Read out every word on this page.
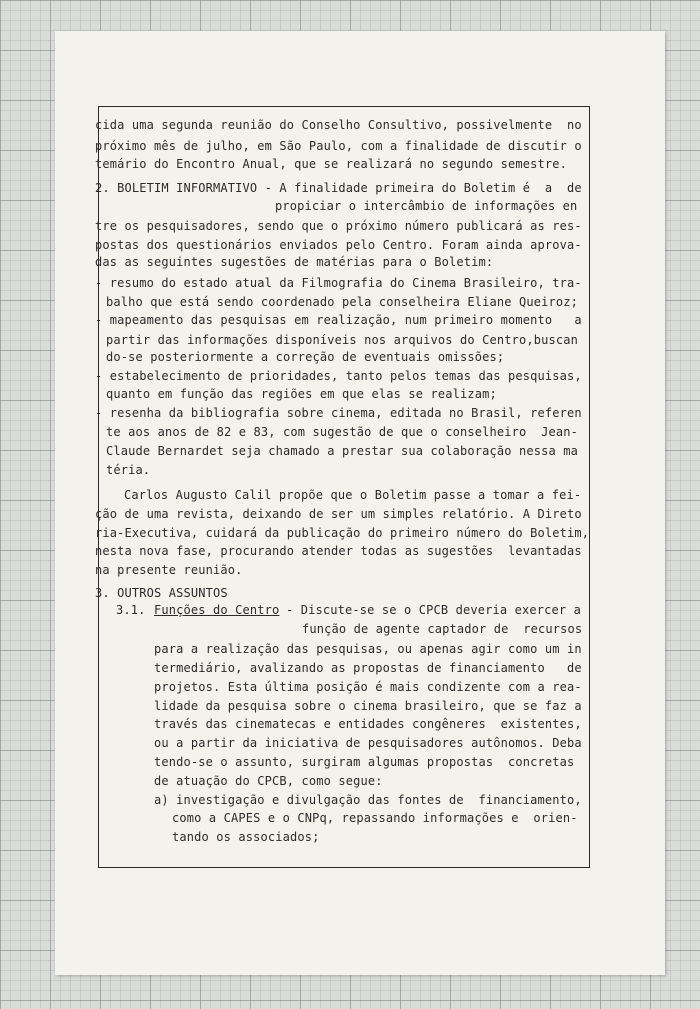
cida uma segunda reunião do Conselho Consultivo, possivelmente  no
próximo mês de julho, em São Paulo, com a finalidade de discutir o
temário do Encontro Anual, que se realizará no segundo semestre.
2. BOLETIM INFORMATIVO - A finalidade primeira do Boletim é  a  de
propiciar o intercâmbio de informações en
tre os pesquisadores, sendo que o próximo número publicará as res-
postas dos questionários enviados pelo Centro. Foram ainda aprova-
das as seguintes sugestões de matérias para o Boletim:
- resumo do estado atual da Filmografia do Cinema Brasileiro, tra-
balho que está sendo coordenado pela conselheira Eliane Queiroz;
- mapeamento das pesquisas em realização, num primeiro momento   a
partir das informações disponíveis nos arquivos do Centro,buscan
do-se posteriormente a correção de eventuais omissões;
- estabelecimento de prioridades, tanto pelos temas das pesquisas,
quanto em função das regiões em que elas se realizam;
- resenha da bibliografia sobre cinema, editada no Brasil, referen
te aos anos de 82 e 83, com sugestão de que o conselheiro  Jean-
Claude Bernardet seja chamado a prestar sua colaboração nessa ma
téria.
Carlos Augusto Calil propõe que o Boletim passe a tomar a fei-
ção de uma revista, deixando de ser um simples relatório. A Direto
ria-Executiva, cuidará da publicação do primeiro número do Boletim,
nesta nova fase, procurando atender todas as sugestões  levantadas
na presente reunião.
3. OUTROS ASSUNTOS
3.1. Funções do Centro - Discute-se se o CPCB deveria exercer a
função de agente captador de  recursos
para a realização das pesquisas, ou apenas agir como um in
termediário, avalizando as propostas de financiamento   de
projetos. Esta última posição é mais condizente com a rea-
lidade da pesquisa sobre o cinema brasileiro, que se faz a
través das cinematecas e entidades congêneres  existentes,
ou a partir da iniciativa de pesquisadores autônomos. Deba
tendo-se o assunto, surgiram algumas propostas  concretas
de atuação do CPCB, como segue:
a) investigação e divulgação das fontes de  financiamento,
como a CAPES e o CNPq, repassando informações e  orien-
tando os associados;
